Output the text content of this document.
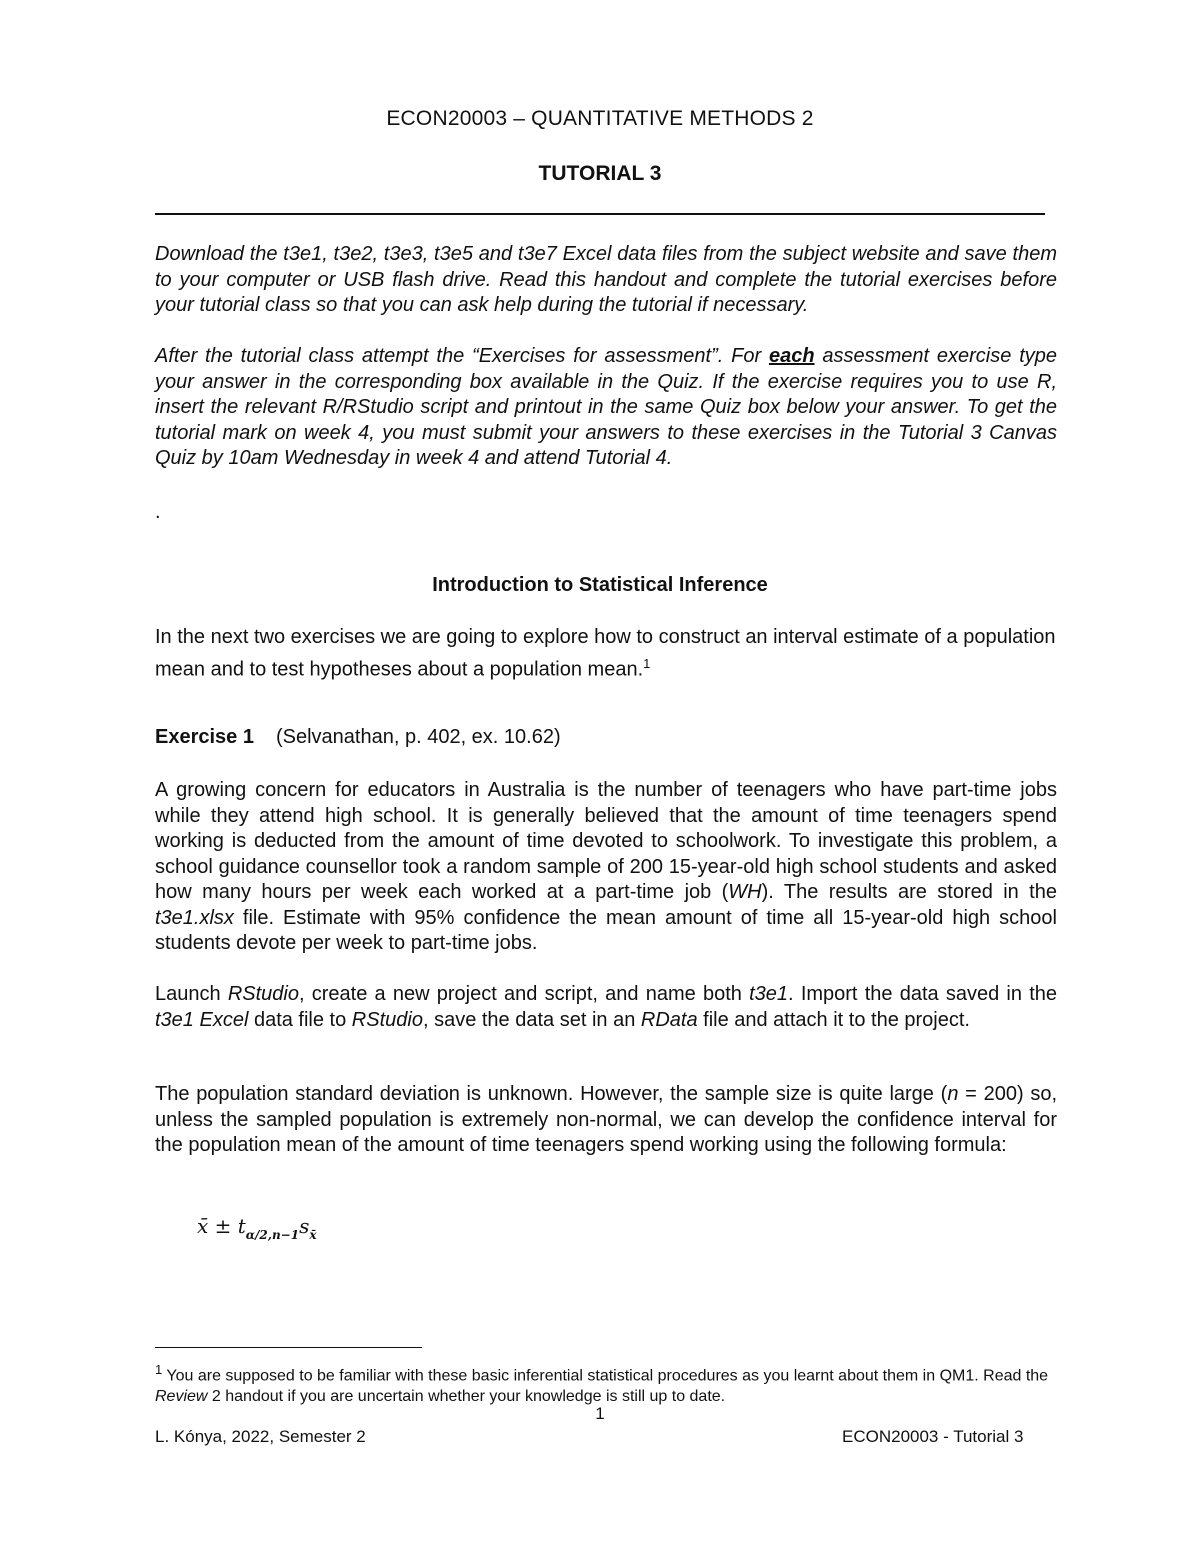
ECON20003 – QUANTITATIVE METHODS 2
TUTORIAL 3
Download the t3e1, t3e2, t3e3, t3e5 and t3e7 Excel data files from the subject website and save them to your computer or USB flash drive. Read this handout and complete the tutorial exercises before your tutorial class so that you can ask help during the tutorial if necessary.
After the tutorial class attempt the “Exercises for assessment”. For each assessment exercise type your answer in the corresponding box available in the Quiz. If the exercise requires you to use R, insert the relevant R/RStudio script and printout in the same Quiz box below your answer. To get the tutorial mark on week 4, you must submit your answers to these exercises in the Tutorial 3 Canvas Quiz by 10am Wednesday in week 4 and attend Tutorial 4.
.
Introduction to Statistical Inference
In the next two exercises we are going to explore how to construct an interval estimate of a population mean and to test hypotheses about a population mean.$^1$
Exercise 1 (Selvanathan, p. 402, ex. 10.62)
A growing concern for educators in Australia is the number of teenagers who have part-time jobs while they attend high school. It is generally believed that the amount of time teenagers spend working is deducted from the amount of time devoted to schoolwork. To investigate this problem, a school guidance counsellor took a random sample of 200 15-year-old high school students and asked how many hours per week each worked at a part-time job (WH). The results are stored in the t3e1.xlsx file. Estimate with 95% confidence the mean amount of time all 15-year-old high school students devote per week to part-time jobs.
Launch RStudio, create a new project and script, and name both t3e1. Import the data saved in the t3e1 Excel data file to RStudio, save the data set in an RData file and attach it to the project.
The population standard deviation is unknown. However, the sample size is quite large (n = 200) so, unless the sampled population is extremely non-normal, we can develop the confidence interval for the population mean of the amount of time teenagers spend working using the following formula:
x̄ ± $t_{\alpha/2,n-1}s_{x̄}$
$^1$ You are supposed to be familiar with these basic inferential statistical procedures as you learnt about them in QM1. Read the Review 2 handout if you are uncertain whether your knowledge is still up to date.
1
L. Kónya, 2022, Semester 2	ECON20003 - Tutorial 3
